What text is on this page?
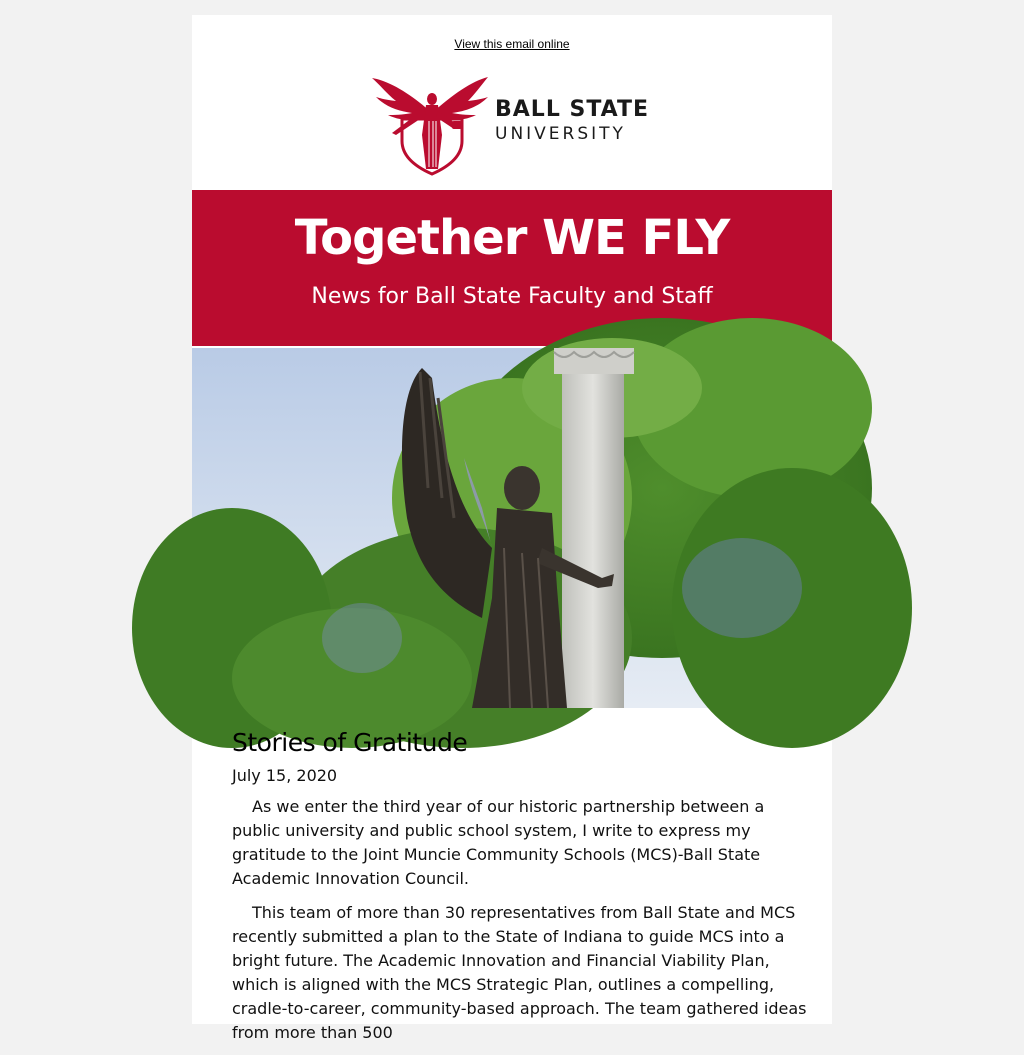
View this email online
BALL STATE
UNIVERSITY
Together WE FLY
News for Ball State Faculty and Staff
Stories of Gratitude
July 15, 2020

As we enter the third year of our historic partnership between a public university and public school system, I write to express my gratitude to the Joint Muncie Community Schools (MCS)-Ball State Academic Innovation Council.

This team of more than 30 representatives from Ball State and MCS recently submitted a plan to the State of Indiana to guide MCS into a bright future. The Academic Innovation and Financial Viability Plan, which is aligned with the MCS Strategic Plan, outlines a compelling, cradle-to-career, community-based approach. The team gathered ideas from more than 500
